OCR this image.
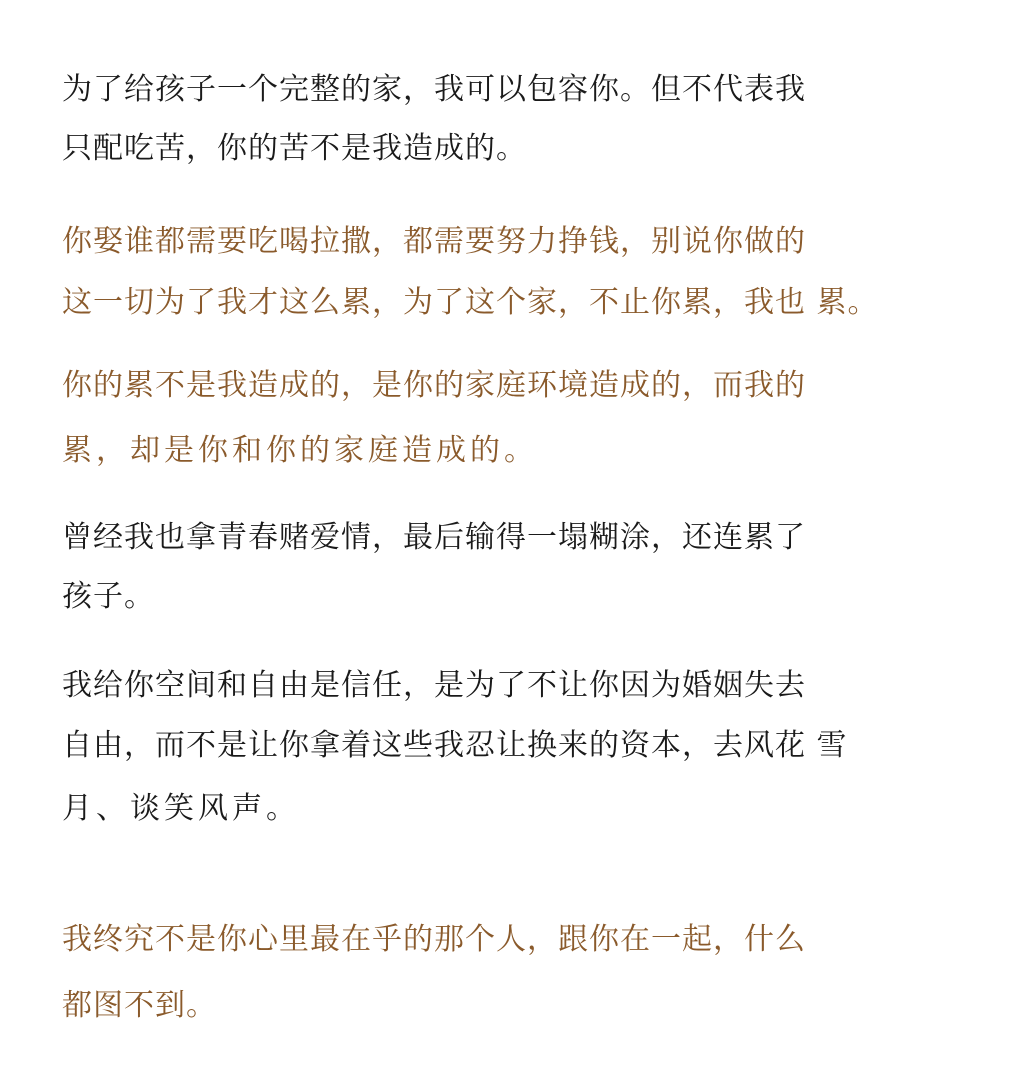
为了给孩子一个完整的家，我可以包容你。但不代表我
只配吃苦，你的苦不是我造成的。

你娶谁都需要吃喝拉撒，都需要努力挣钱，别说你做的
这一切为了我才这么累，为了这个家，不止你累，我也 累。

你的累不是我造成的，是你的家庭环境造成的，而我的
累，却是你和你的家庭造成的。

曾经我也拿青春赌爱情，最后输得一塌糊涂，还连累了
孩子。

我给你空间和自由是信任，是为了不让你因为婚姻失去
自由，而不是让你拿着这些我忍让换来的资本，去风花 雪
月、谈笑风声。

我终究不是你心里最在乎的那个人，跟你在一起，什么
都图不到。
